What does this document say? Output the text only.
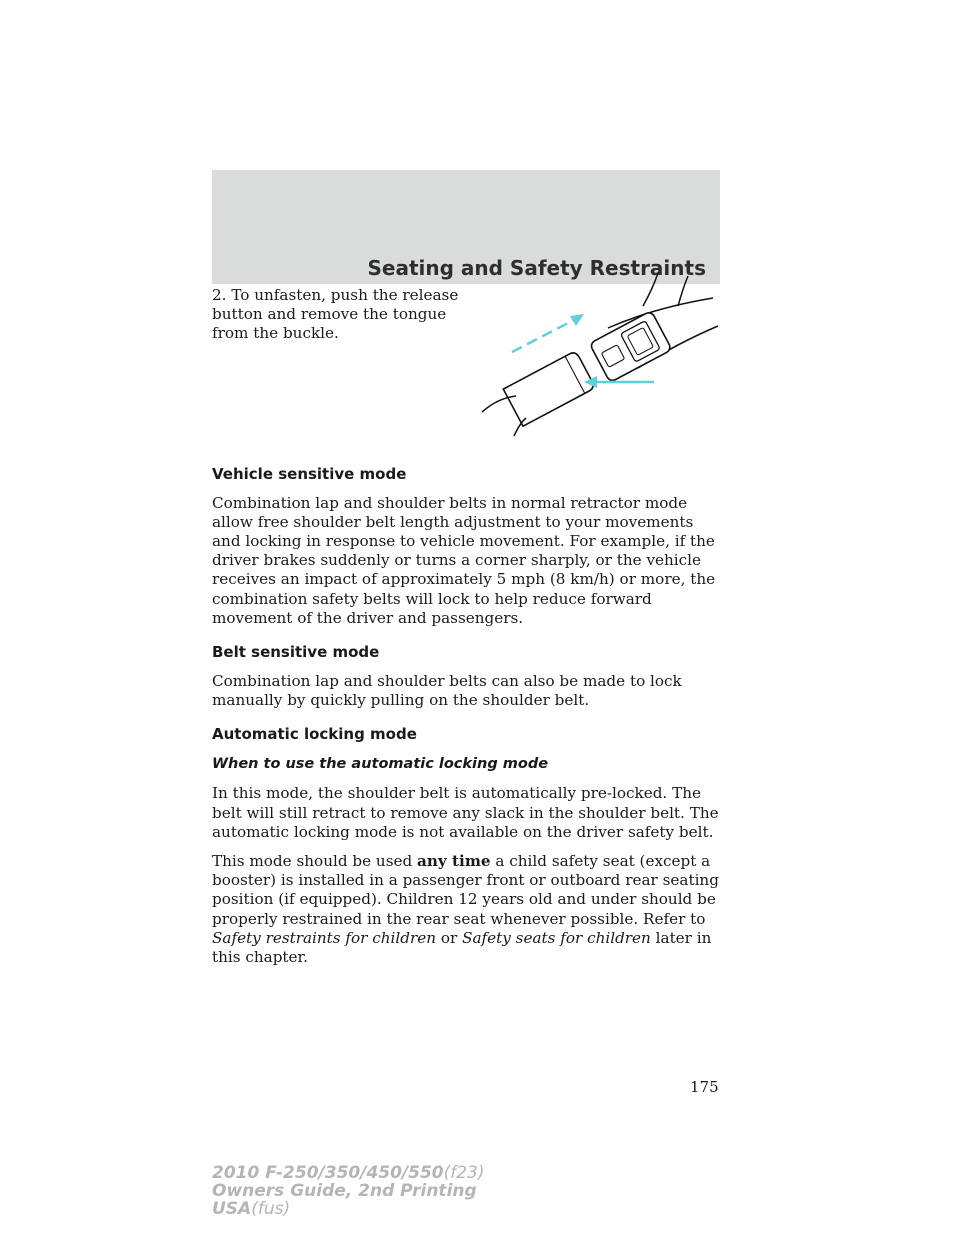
Seating and Safety Restraints

2. To unfasten, push the release button and remove the tongue from the buckle.

Vehicle sensitive mode

Combination lap and shoulder belts in normal retractor mode allow free shoulder belt length adjustment to your movements and locking in response to vehicle movement. For example, if the driver brakes suddenly or turns a corner sharply, or the vehicle receives an impact of approximately 5 mph (8 km/h) or more, the combination safety belts will lock to help reduce forward movement of the driver and passengers.

Belt sensitive mode

Combination lap and shoulder belts can also be made to lock manually by quickly pulling on the shoulder belt.

Automatic locking mode
When to use the automatic locking mode

In this mode, the shoulder belt is automatically pre-locked. The belt will still retract to remove any slack in the shoulder belt. The automatic locking mode is not available on the driver safety belt.

This mode should be used any time a child safety seat (except a booster) is installed in a passenger front or outboard rear seating position (if equipped). Children 12 years old and under should be properly restrained in the rear seat whenever possible. Refer to Safety restraints for children or Safety seats for children later in this chapter.

175
2010 F-250/350/450/550(f23)
Owners Guide, 2nd Printing
USA(fus)
